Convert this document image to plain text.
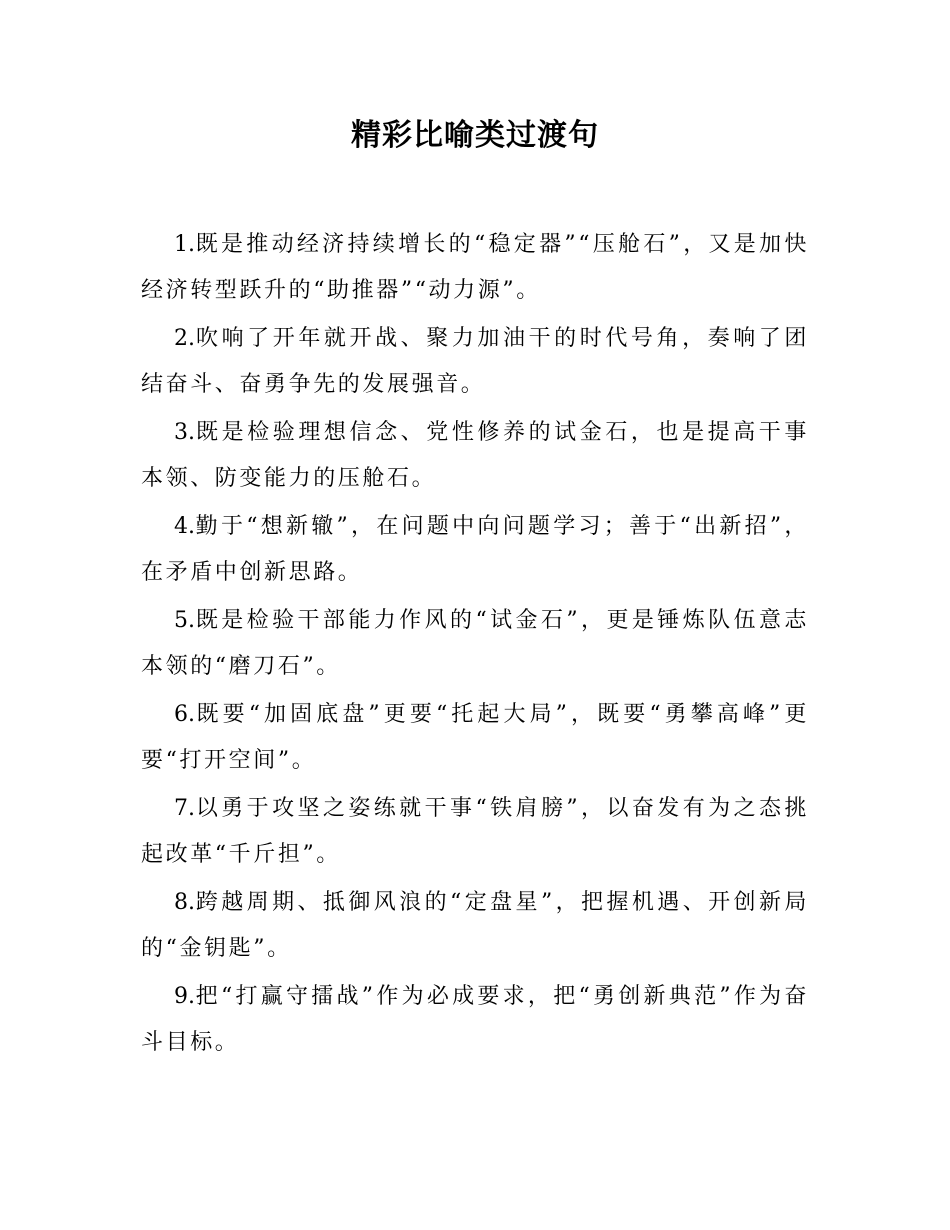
精彩比喻类过渡句

1.既是推动经济持续增长的“稳定器”“压舱石”，又是加快经济转型跃升的“助推器”“动力源”。

2.吹响了开年就开战、聚力加油干的时代号角，奏响了团结奋斗、奋勇争先的发展强音。

3.既是检验理想信念、党性修养的试金石，也是提高干事本领、防变能力的压舱石。

4.勤于“想新辙”，在问题中向问题学习；善于“出新招”，在矛盾中创新思路。

5.既是检验干部能力作风的“试金石”，更是锤炼队伍意志本领的“磨刀石”。

6.既要“加固底盘”更要“托起大局”，既要“勇攀高峰”更要“打开空间”。

7.以勇于攻坚之姿练就干事“铁肩膀”，以奋发有为之态挑起改革“千斤担”。

8.跨越周期、抵御风浪的“定盘星”，把握机遇、开创新局的“金钥匙”。

9.把“打赢守擂战”作为必成要求，把“勇创新典范”作为奋斗目标。
